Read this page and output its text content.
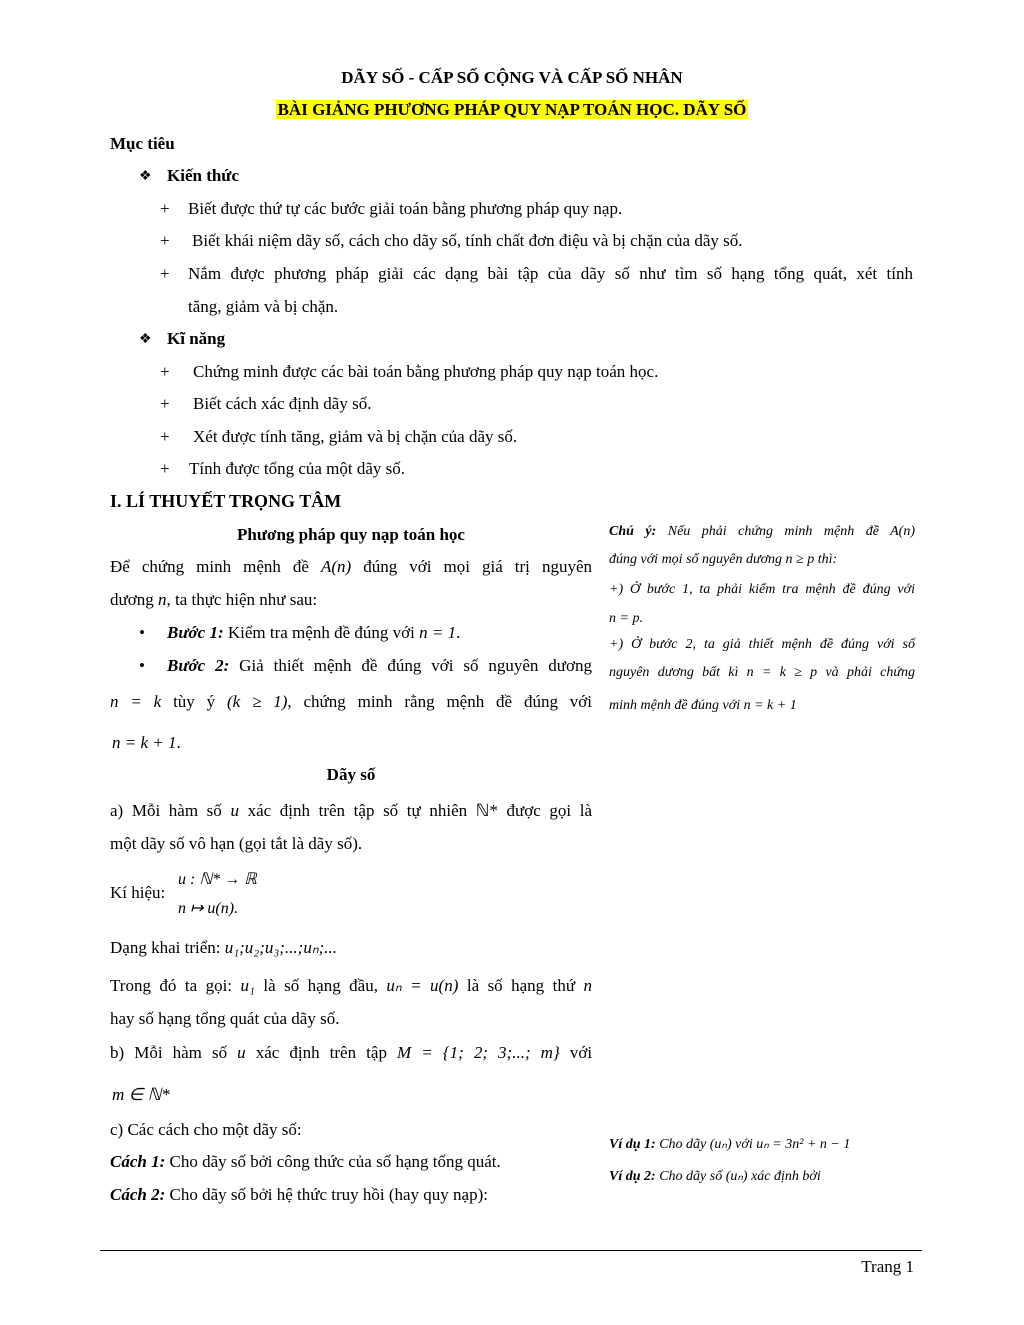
DÃY SỐ - CẤP SỐ CỘNG VÀ CẤP SỐ NHÂN
BÀI GIẢNG PHƯƠNG PHÁP QUY NẠP TOÁN HỌC. DÃY SỐ
Mục tiêu
❖ Kiến thức
+ Biết được thứ tự các bước giải toán bằng phương pháp quy nạp.
+ Biết khái niệm dãy số, cách cho dãy số, tính chất đơn điệu và bị chặn của dãy số.
+ Nắm được phương pháp giải các dạng bài tập của dãy số như tìm số hạng tổng quát, xét tính
tăng, giảm và bị chặn.
❖ Kĩ năng
+ Chứng minh được các bài toán bằng phương pháp quy nạp toán học.
+ Biết cách xác định dãy số.
+ Xét được tính tăng, giảm và bị chặn của dãy số.
+ Tính được tổng của một dãy số.
I. LÍ THUYẾT TRỌNG TÂM
Phương pháp quy nạp toán học
Để chứng minh mệnh đề A(n) đúng với mọi giá trị nguyên
dương n, ta thực hiện như sau:
• Bước 1: Kiểm tra mệnh đề đúng với n = 1.
• Bước 2: Giả thiết mệnh đề đúng với số nguyên dương
n = k tùy ý (k ≥ 1), chứng minh rằng mệnh đề đúng với
n = k + 1.
Chú ý: Nếu phải chứng minh mệnh đề A(n)
đúng với mọi số nguyên dương n ≥ p thì:
+) Ở bước 1, ta phải kiểm tra mệnh đề đúng với
n = p.
+) Ở bước 2, ta giả thiết mệnh đề đúng với số
nguyên dương bất kì n = k ≥ p và phải chứng
minh mệnh đề đúng với n = k + 1
Dãy số
a) Mỗi hàm số u xác định trên tập số tự nhiên ℕ* được gọi là
một dãy số vô hạn (gọi tắt là dãy số).
Kí hiệu:
u : ℕ* → ℝ
n ↦ u(n).
Dạng khai triển: u₁;u₂;u₃;...;uₙ;...
Trong đó ta gọi: u₁ là số hạng đầu, uₙ = u(n) là số hạng thứ n
hay số hạng tổng quát của dãy số.
b) Mỗi hàm số u xác định trên tập M = {1; 2; 3;...; m} với
m ∈ ℕ*
c) Các cách cho một dãy số:
Cách 1: Cho dãy số bởi công thức của số hạng tổng quát.
Cách 2: Cho dãy số bởi hệ thức truy hồi (hay quy nạp):
Ví dụ 1: Cho dãy (uₙ) với uₙ = 3n² + n − 1
Ví dụ 2: Cho dãy số (uₙ) xác định bởi
Trang 1
